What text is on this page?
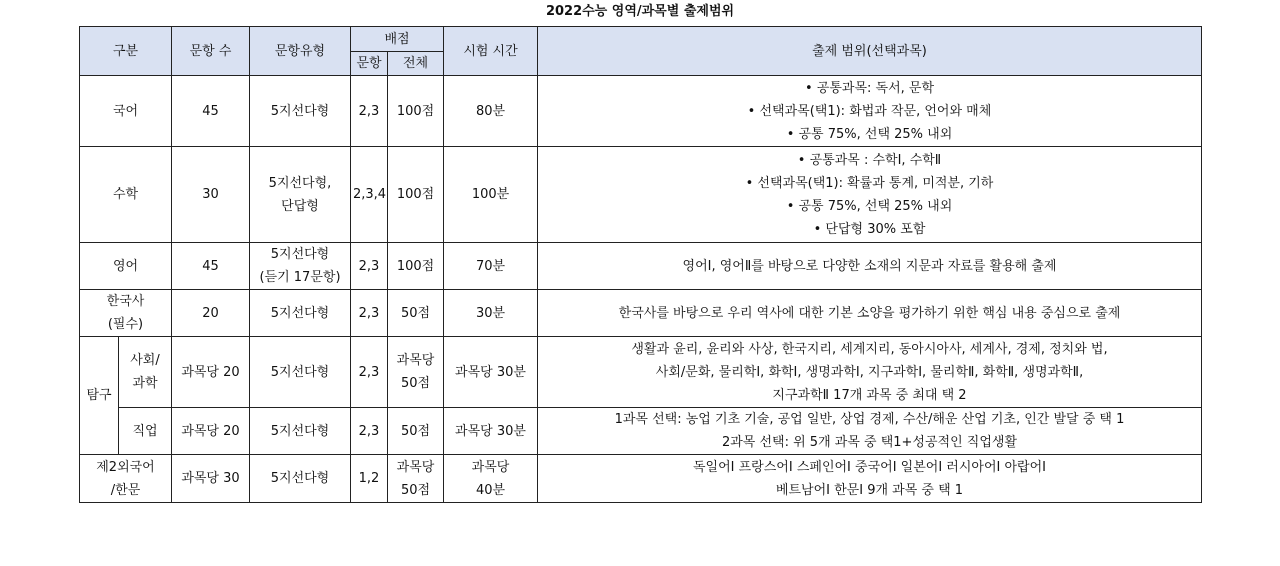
2022수능 영역/과목별 출제범위
구분		문항 수	문항유형	배점		시험 시간	출제 범위(선택과목)
				문항	전체		
국어		45	5지선다형	2,3	100점	80분	• 공통과목: 독서, 문학
• 선택과목(택1): 화법과 작문, 언어와 매체
• 공통 75%, 선택 25% 내외

수학		30	5지선다형,
단답형	2,3,4	100점	100분	• 공통과목 : 수학Ⅰ, 수학Ⅱ
• 선택과목(택1): 확률과 통계, 미적분, 기하
• 공통 75%, 선택 25% 내외
• 단답형 30% 포함

영어		45	5지선다형
(듣기 17문항)	2,3	100점	70분	영어Ⅰ, 영어Ⅱ를 바탕으로 다양한 소재의 지문과 자료를 활용해 출제

한국사
(필수)		20	5지선다형	2,3	50점	30분	한국사를 바탕으로 우리 역사에 대한 기본 소양을 평가하기 위한 핵심 내용 중심으로 출제
탐구	사회/
과학	과목당 20	5지선다형	2,3	과목당
50점	과목당 30분	생활과 윤리, 윤리와 사상, 한국지리, 세계지리, 동아시아사, 세계사, 경제, 정치와 법,
사회/문화, 물리학Ⅰ, 화학Ⅰ, 생명과학Ⅰ, 지구과학Ⅰ, 물리학Ⅱ, 화학Ⅱ, 생명과학Ⅱ,
지구과학Ⅱ 17개 과목 중 최대 택 2

	직업	과목당 20	5지선다형	2,3	50점	과목당 30분	1과목 선택: 농업 기초 기술, 공업 일반, 상업 경제, 수산/해운 산업 기초, 인간 발달 중 택 1
2과목 선택: 위 5개 과목 중 택1+성공적인 직업생활

제2외국어
/한문		과목당 30	5지선다형	1,2	과목당
50점	과목당
40분	독일어Ⅰ 프랑스어Ⅰ 스페인어Ⅰ 중국어Ⅰ 일본어Ⅰ 러시아어Ⅰ 아랍어Ⅰ
베트남어Ⅰ 한문Ⅰ 9개 과목 중 택 1
